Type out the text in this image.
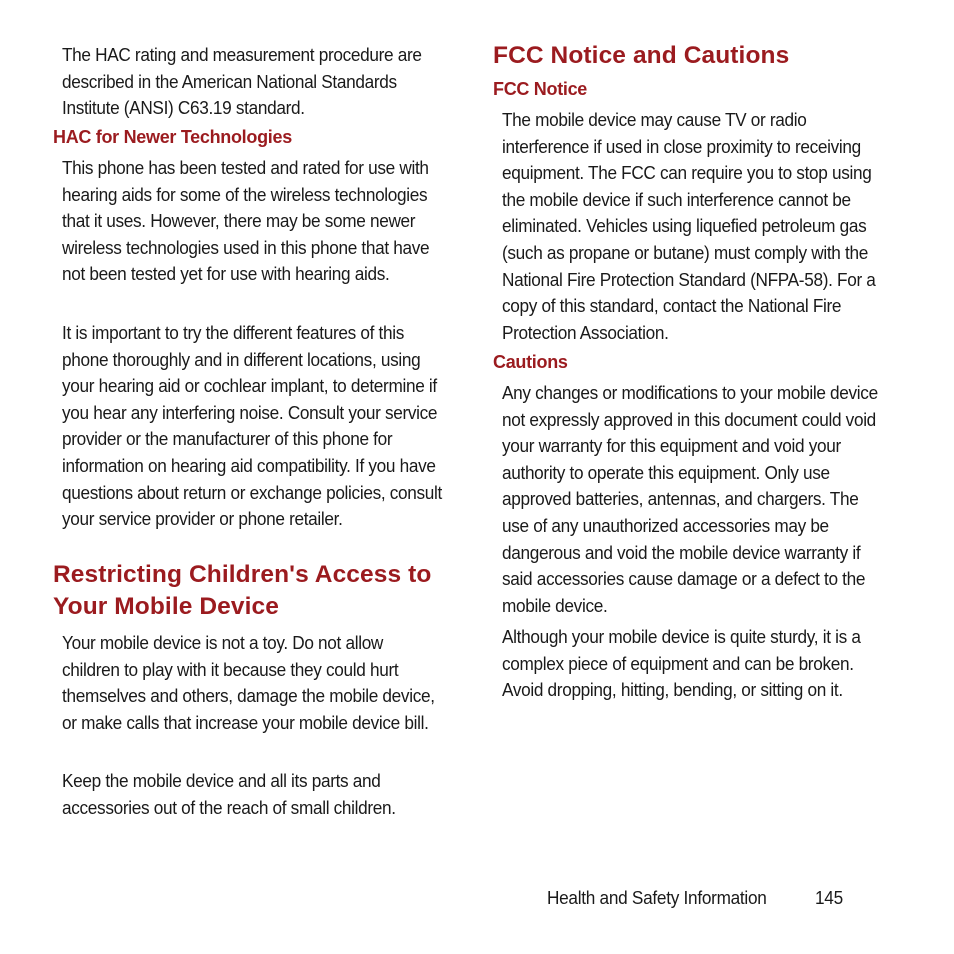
The HAC rating and measurement procedure are described in the American National Standards Institute (ANSI) C63.19 standard.

HAC for Newer Technologies

This phone has been tested and rated for use with hearing aids for some of the wireless technologies that it uses. However, there may be some newer wireless technologies used in this phone that have not been tested yet for use with hearing aids.

It is important to try the different features of this phone thoroughly and in different locations, using your hearing aid or cochlear implant, to determine if you hear any interfering noise. Consult your service provider or the manufacturer of this phone for information on hearing aid compatibility. If you have questions about return or exchange policies, consult your service provider or phone retailer.

Restricting Children's Access to Your Mobile Device

Your mobile device is not a toy. Do not allow children to play with it because they could hurt themselves and others, damage the mobile device, or make calls that increase your mobile device bill.

Keep the mobile device and all its parts and accessories out of the reach of small children.

FCC Notice and Cautions
FCC Notice

The mobile device may cause TV or radio interference if used in close proximity to receiving equipment. The FCC can require you to stop using the mobile device if such interference cannot be eliminated. Vehicles using liquefied petroleum gas (such as propane or butane) must comply with the National Fire Protection Standard (NFPA-58). For a copy of this standard, contact the National Fire Protection Association.

Cautions

Any changes or modifications to your mobile device not expressly approved in this document could void your warranty for this equipment and void your authority to operate this equipment. Only use approved batteries, antennas, and chargers. The use of any unauthorized accessories may be dangerous and void the mobile device warranty if said accessories cause damage or a defect to the mobile device.

Although your mobile device is quite sturdy, it is a complex piece of equipment and can be broken. Avoid dropping, hitting, bending, or sitting on it.

Health and Safety Information	145
